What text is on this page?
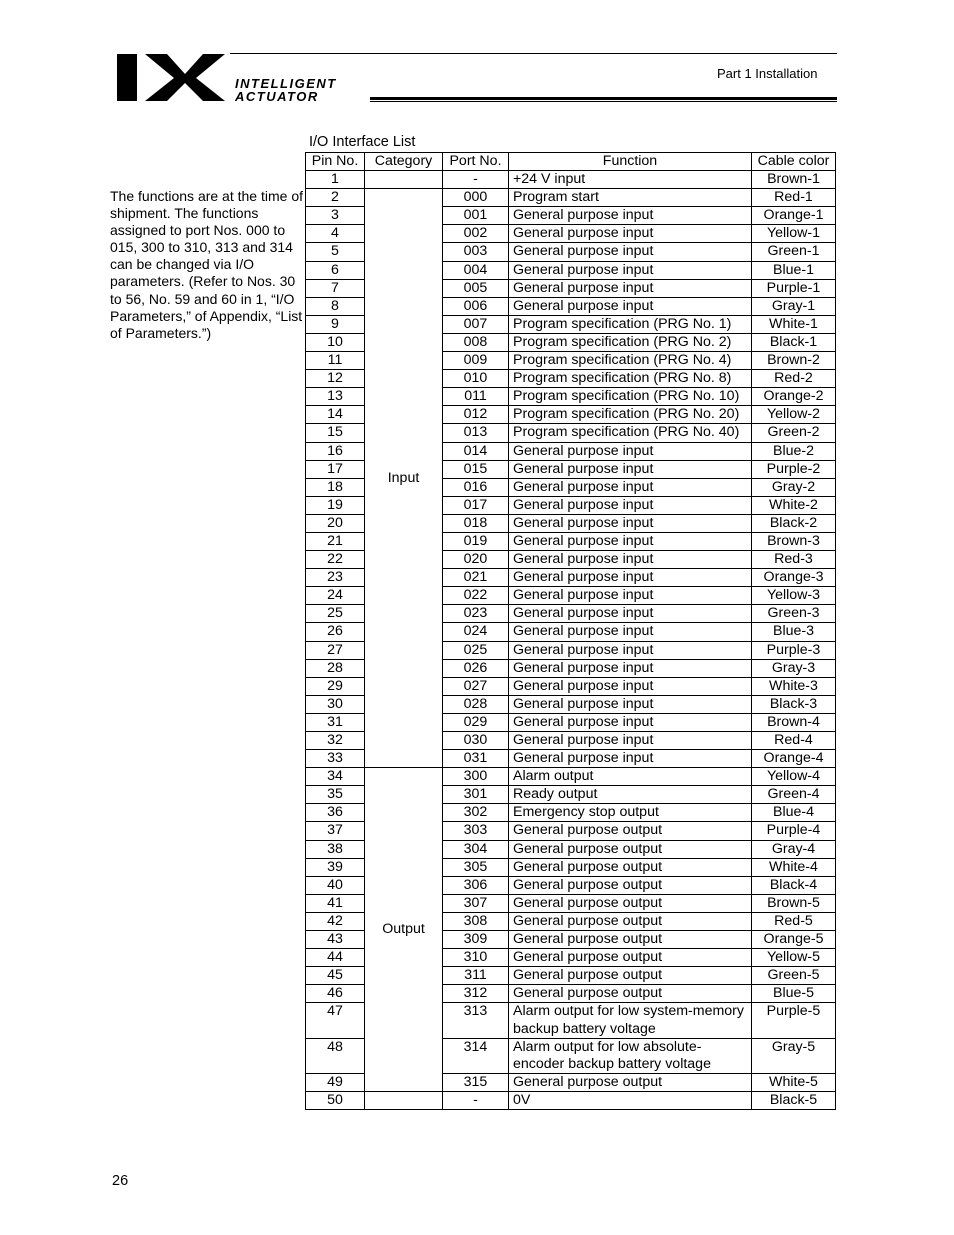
INTELLIGENT
ACTUATOR
Part 1 Installation
The functions are at the time of shipment. The functions assigned to port Nos. 000 to 015, 300 to 310, 313 and 314 can be changed via I/O parameters. (Refer to Nos. 30 to 56, No. 59 and 60 in 1, “I/O Parameters,” of Appendix, “List of Parameters.”)
I/O Interface List
Pin No.	Category	Port No.	Function	Cable color
1		-	+24 V input	Brown-1
2	Input	000	Program start	Red-1
3		001	General purpose input	Orange-1
4		002	General purpose input	Yellow-1
5		003	General purpose input	Green-1
6		004	General purpose input	Blue-1
7		005	General purpose input	Purple-1
8		006	General purpose input	Gray-1
9		007	Program specification (PRG No. 1)	White-1
10		008	Program specification (PRG No. 2)	Black-1
11		009	Program specification (PRG No. 4)	Brown-2
12		010	Program specification (PRG No. 8)	Red-2
13		011	Program specification (PRG No. 10)	Orange-2
14		012	Program specification (PRG No. 20)	Yellow-2
15		013	Program specification (PRG No. 40)	Green-2
16		014	General purpose input	Blue-2
17		015	General purpose input	Purple-2
18		016	General purpose input	Gray-2
19		017	General purpose input	White-2
20		018	General purpose input	Black-2
21		019	General purpose input	Brown-3
22		020	General purpose input	Red-3
23		021	General purpose input	Orange-3
24		022	General purpose input	Yellow-3
25		023	General purpose input	Green-3
26		024	General purpose input	Blue-3
27		025	General purpose input	Purple-3
28		026	General purpose input	Gray-3
29		027	General purpose input	White-3
30		028	General purpose input	Black-3
31		029	General purpose input	Brown-4
32		030	General purpose input	Red-4
33		031	General purpose input	Orange-4
34	Output	300	Alarm output	Yellow-4
35		301	Ready output	Green-4
36		302	Emergency stop output	Blue-4
37		303	General purpose output	Purple-4
38		304	General purpose output	Gray-4
39		305	General purpose output	White-4
40		306	General purpose output	Black-4
41		307	General purpose output	Brown-5
42		308	General purpose output	Red-5
43		309	General purpose output	Orange-5
44		310	General purpose output	Yellow-5
45		311	General purpose output	Green-5
46		312	General purpose output	Blue-5
47		313	Alarm output for low system-memory backup battery voltage	Purple-5
48		314	Alarm output for low absolute-encoder backup battery voltage	Gray-5
49		315	General purpose output	White-5
50		-	0V	Black-5
26
